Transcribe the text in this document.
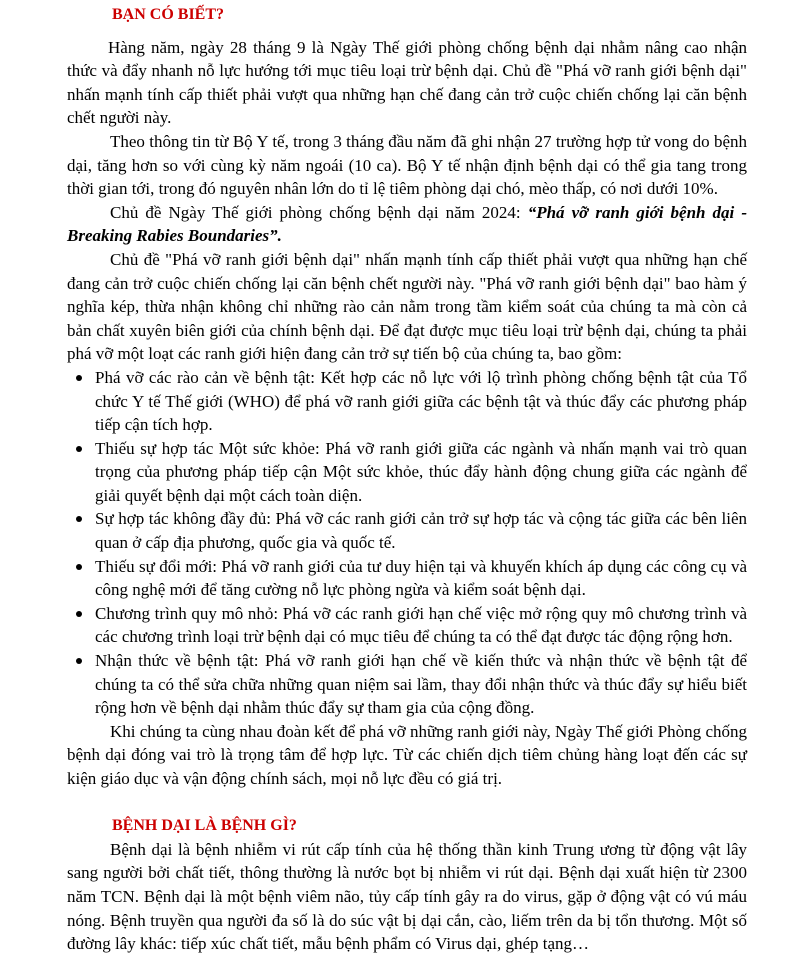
BẠN CÓ BIẾT?

Hàng năm, ngày 28 tháng 9 là Ngày Thế giới phòng chống bệnh dại nhằm nâng cao nhận thức và đẩy nhanh nỗ lực hướng tới mục tiêu loại trừ bệnh dại. Chủ đề "Phá vỡ ranh giới bệnh dại" nhấn mạnh tính cấp thiết phải vượt qua những hạn chế đang cản trở cuộc chiến chống lại căn bệnh chết người này.

Theo thông tin từ Bộ Y tế, trong 3 tháng đầu năm đã ghi nhận 27 trường hợp tử vong do bệnh dại, tăng hơn so với cùng kỳ năm ngoái (10 ca). Bộ Y tế nhận định bệnh dại có thể gia tang trong thời gian tới, trong đó nguyên nhân lớn do tỉ lệ tiêm phòng dại chó, mèo thấp, có nơi dưới 10%.

Chủ đề Ngày Thế giới phòng chống bệnh dại năm 2024: “Phá vỡ ranh giới bệnh dại - Breaking Rabies Boundaries”.

Chủ đề "Phá vỡ ranh giới bệnh dại" nhấn mạnh tính cấp thiết phải vượt qua những hạn chế đang cản trở cuộc chiến chống lại căn bệnh chết người này. "Phá vỡ ranh giới bệnh dại" bao hàm ý nghĩa kép, thừa nhận không chỉ những rào cản nằm trong tầm kiểm soát của chúng ta mà còn cả bản chất xuyên biên giới của chính bệnh dại. Để đạt được mục tiêu loại trừ bệnh dại, chúng ta phải phá vỡ một loạt các ranh giới hiện đang cản trở sự tiến bộ của chúng ta, bao gồm:

Phá vỡ các rào cản về bệnh tật: Kết hợp các nỗ lực với lộ trình phòng chống bệnh tật của Tổ chức Y tế Thế giới (WHO) để phá vỡ ranh giới giữa các bệnh tật và thúc đẩy các phương pháp tiếp cận tích hợp.
Thiếu sự hợp tác Một sức khỏe: Phá vỡ ranh giới giữa các ngành và nhấn mạnh vai trò quan trọng của phương pháp tiếp cận Một sức khỏe, thúc đẩy hành động chung giữa các ngành để giải quyết bệnh dại một cách toàn diện.
Sự hợp tác không đầy đủ: Phá vỡ các ranh giới cản trở sự hợp tác và cộng tác giữa các bên liên quan ở cấp địa phương, quốc gia và quốc tế.
Thiếu sự đổi mới: Phá vỡ ranh giới của tư duy hiện tại và khuyến khích áp dụng các công cụ và công nghệ mới để tăng cường nỗ lực phòng ngừa và kiểm soát bệnh dại.
Chương trình quy mô nhỏ: Phá vỡ các ranh giới hạn chế việc mở rộng quy mô chương trình và các chương trình loại trừ bệnh dại có mục tiêu để chúng ta có thể đạt được tác động rộng hơn.
Nhận thức về bệnh tật: Phá vỡ ranh giới hạn chế về kiến thức và nhận thức về bệnh tật để chúng ta có thể sửa chữa những quan niệm sai lầm, thay đổi nhận thức và thúc đẩy sự hiểu biết rộng hơn về bệnh dại nhằm thúc đẩy sự tham gia của cộng đồng.

Khi chúng ta cùng nhau đoàn kết để phá vỡ những ranh giới này, Ngày Thế giới Phòng chống bệnh dại đóng vai trò là trọng tâm để hợp lực. Từ các chiến dịch tiêm chủng hàng loạt đến các sự kiện giáo dục và vận động chính sách, mọi nỗ lực đều có giá trị.

BỆNH DẠI LÀ BỆNH GÌ?

Bệnh dại là bệnh nhiễm vi rút cấp tính của hệ thống thần kinh Trung ương từ động vật lây sang người bởi chất tiết, thông thường là nước bọt bị nhiễm vi rút dại. Bệnh dại xuất hiện từ 2300 năm TCN. Bệnh dại là một bệnh viêm não, tủy cấp tính gây ra do virus, gặp ở động vật có vú máu nóng. Bệnh truyền qua người đa số là do súc vật bị dại cắn, cào, liếm trên da bị tổn thương. Một số đường lây khác: tiếp xúc chất tiết, mẫu bệnh phẩm có Virus dại, ghép tạng…
